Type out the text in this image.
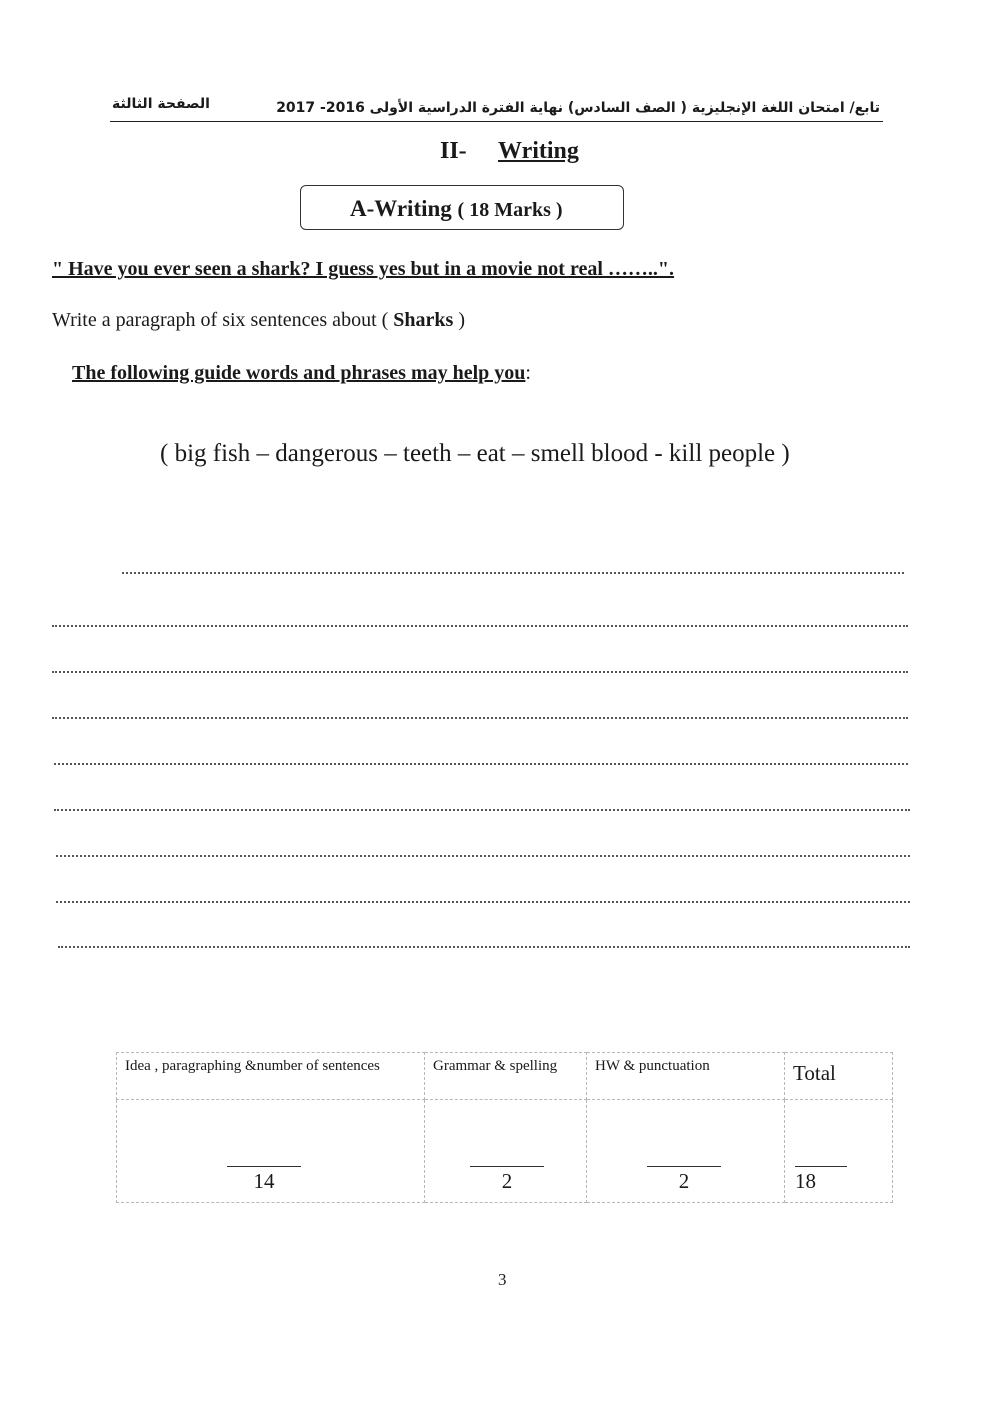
الصفحة الثالثة	تابع/ امتحان اللغة الإنجليزية ( الصف السادس) نهاية الفترة الدراسية الأولى 2016- 2017
II- Writing
A-Writing ( 18 Marks )
" Have you ever seen a shark? I guess yes but in a movie not real ……..".
Write a paragraph of six sentences about ( Sharks )
The following guide words and phrases may help you:
( big fish – dangerous – teeth – eat – smell blood - kill people )
Idea , paragraphing &number of sentences	Grammar & spelling	HW & punctuation	Total

14	2	2	18
3
